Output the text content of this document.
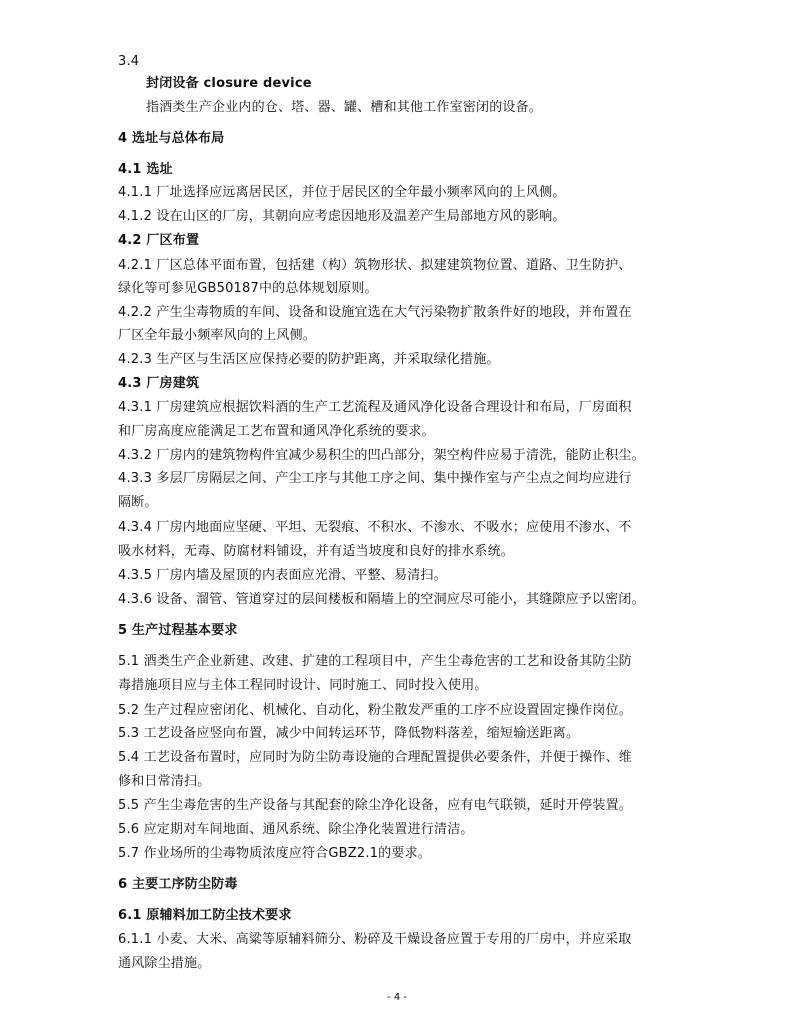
3.4
封闭设备 closure device
指酒类生产企业内的仓、塔、器、罐、槽和其他工作室密闭的设备。
4 选址与总体布局
4.1 选址
4.1.1 厂址选择应远离居民区，并位于居民区的全年最小频率风向的上风侧。
4.1.2 设在山区的厂房，其朝向应考虑因地形及温差产生局部地方风的影响。
4.2 厂区布置
4.2.1 厂区总体平面布置，包括建（构）筑物形状、拟建建筑物位置、道路、卫生防护、
绿化等可参见GB50187中的总体规划原则。
4.2.2 产生尘毒物质的车间、设备和设施宜选在大气污染物扩散条件好的地段，并布置在
厂区全年最小频率风向的上风侧。
4.2.3 生产区与生活区应保持必要的防护距离，并采取绿化措施。
4.3 厂房建筑
4.3.1 厂房建筑应根据饮料酒的生产工艺流程及通风净化设备合理设计和布局，厂房面积
和厂房高度应能满足工艺布置和通风净化系统的要求。
4.3.2 厂房内的建筑物构件宜减少易积尘的凹凸部分，架空构件应易于清洗，能防止积尘。
4.3.3 多层厂房隔层之间、产尘工序与其他工序之间、集中操作室与产尘点之间均应进行
隔断。
4.3.4 厂房内地面应坚硬、平坦、无裂痕、不积水、不渗水、不吸水；应使用不渗水、不
吸水材料，无毒、防腐材料铺设，并有适当坡度和良好的排水系统。
4.3.5 厂房内墙及屋顶的内表面应光滑、平整、易清扫。
4.3.6 设备、溜管、管道穿过的层间楼板和隔墙上的空洞应尽可能小，其缝隙应予以密闭。
5 生产过程基本要求
5.1 酒类生产企业新建、改建、扩建的工程项目中，产生尘毒危害的工艺和设备其防尘防
毒措施项目应与主体工程同时设计、同时施工、同时投入使用。
5.2 生产过程应密闭化、机械化、自动化，粉尘散发严重的工序不应设置固定操作岗位。
5.3 工艺设备应竖向布置，减少中间转运环节，降低物料落差，缩短输送距离。
5.4 工艺设备布置时，应同时为防尘防毒设施的合理配置提供必要条件，并便于操作、维
修和日常清扫。
5.5 产生尘毒危害的生产设备与其配套的除尘净化设备，应有电气联锁，延时开停装置。
5.6 应定期对车间地面、通风系统、除尘净化装置进行清洁。
5.7 作业场所的尘毒物质浓度应符合GBZ2.1的要求。
6 主要工序防尘防毒
6.1 原辅料加工防尘技术要求
6.1.1 小麦、大米、高粱等原辅料筛分、粉碎及干燥设备应置于专用的厂房中，并应采取
通风除尘措施。
- 4 -
